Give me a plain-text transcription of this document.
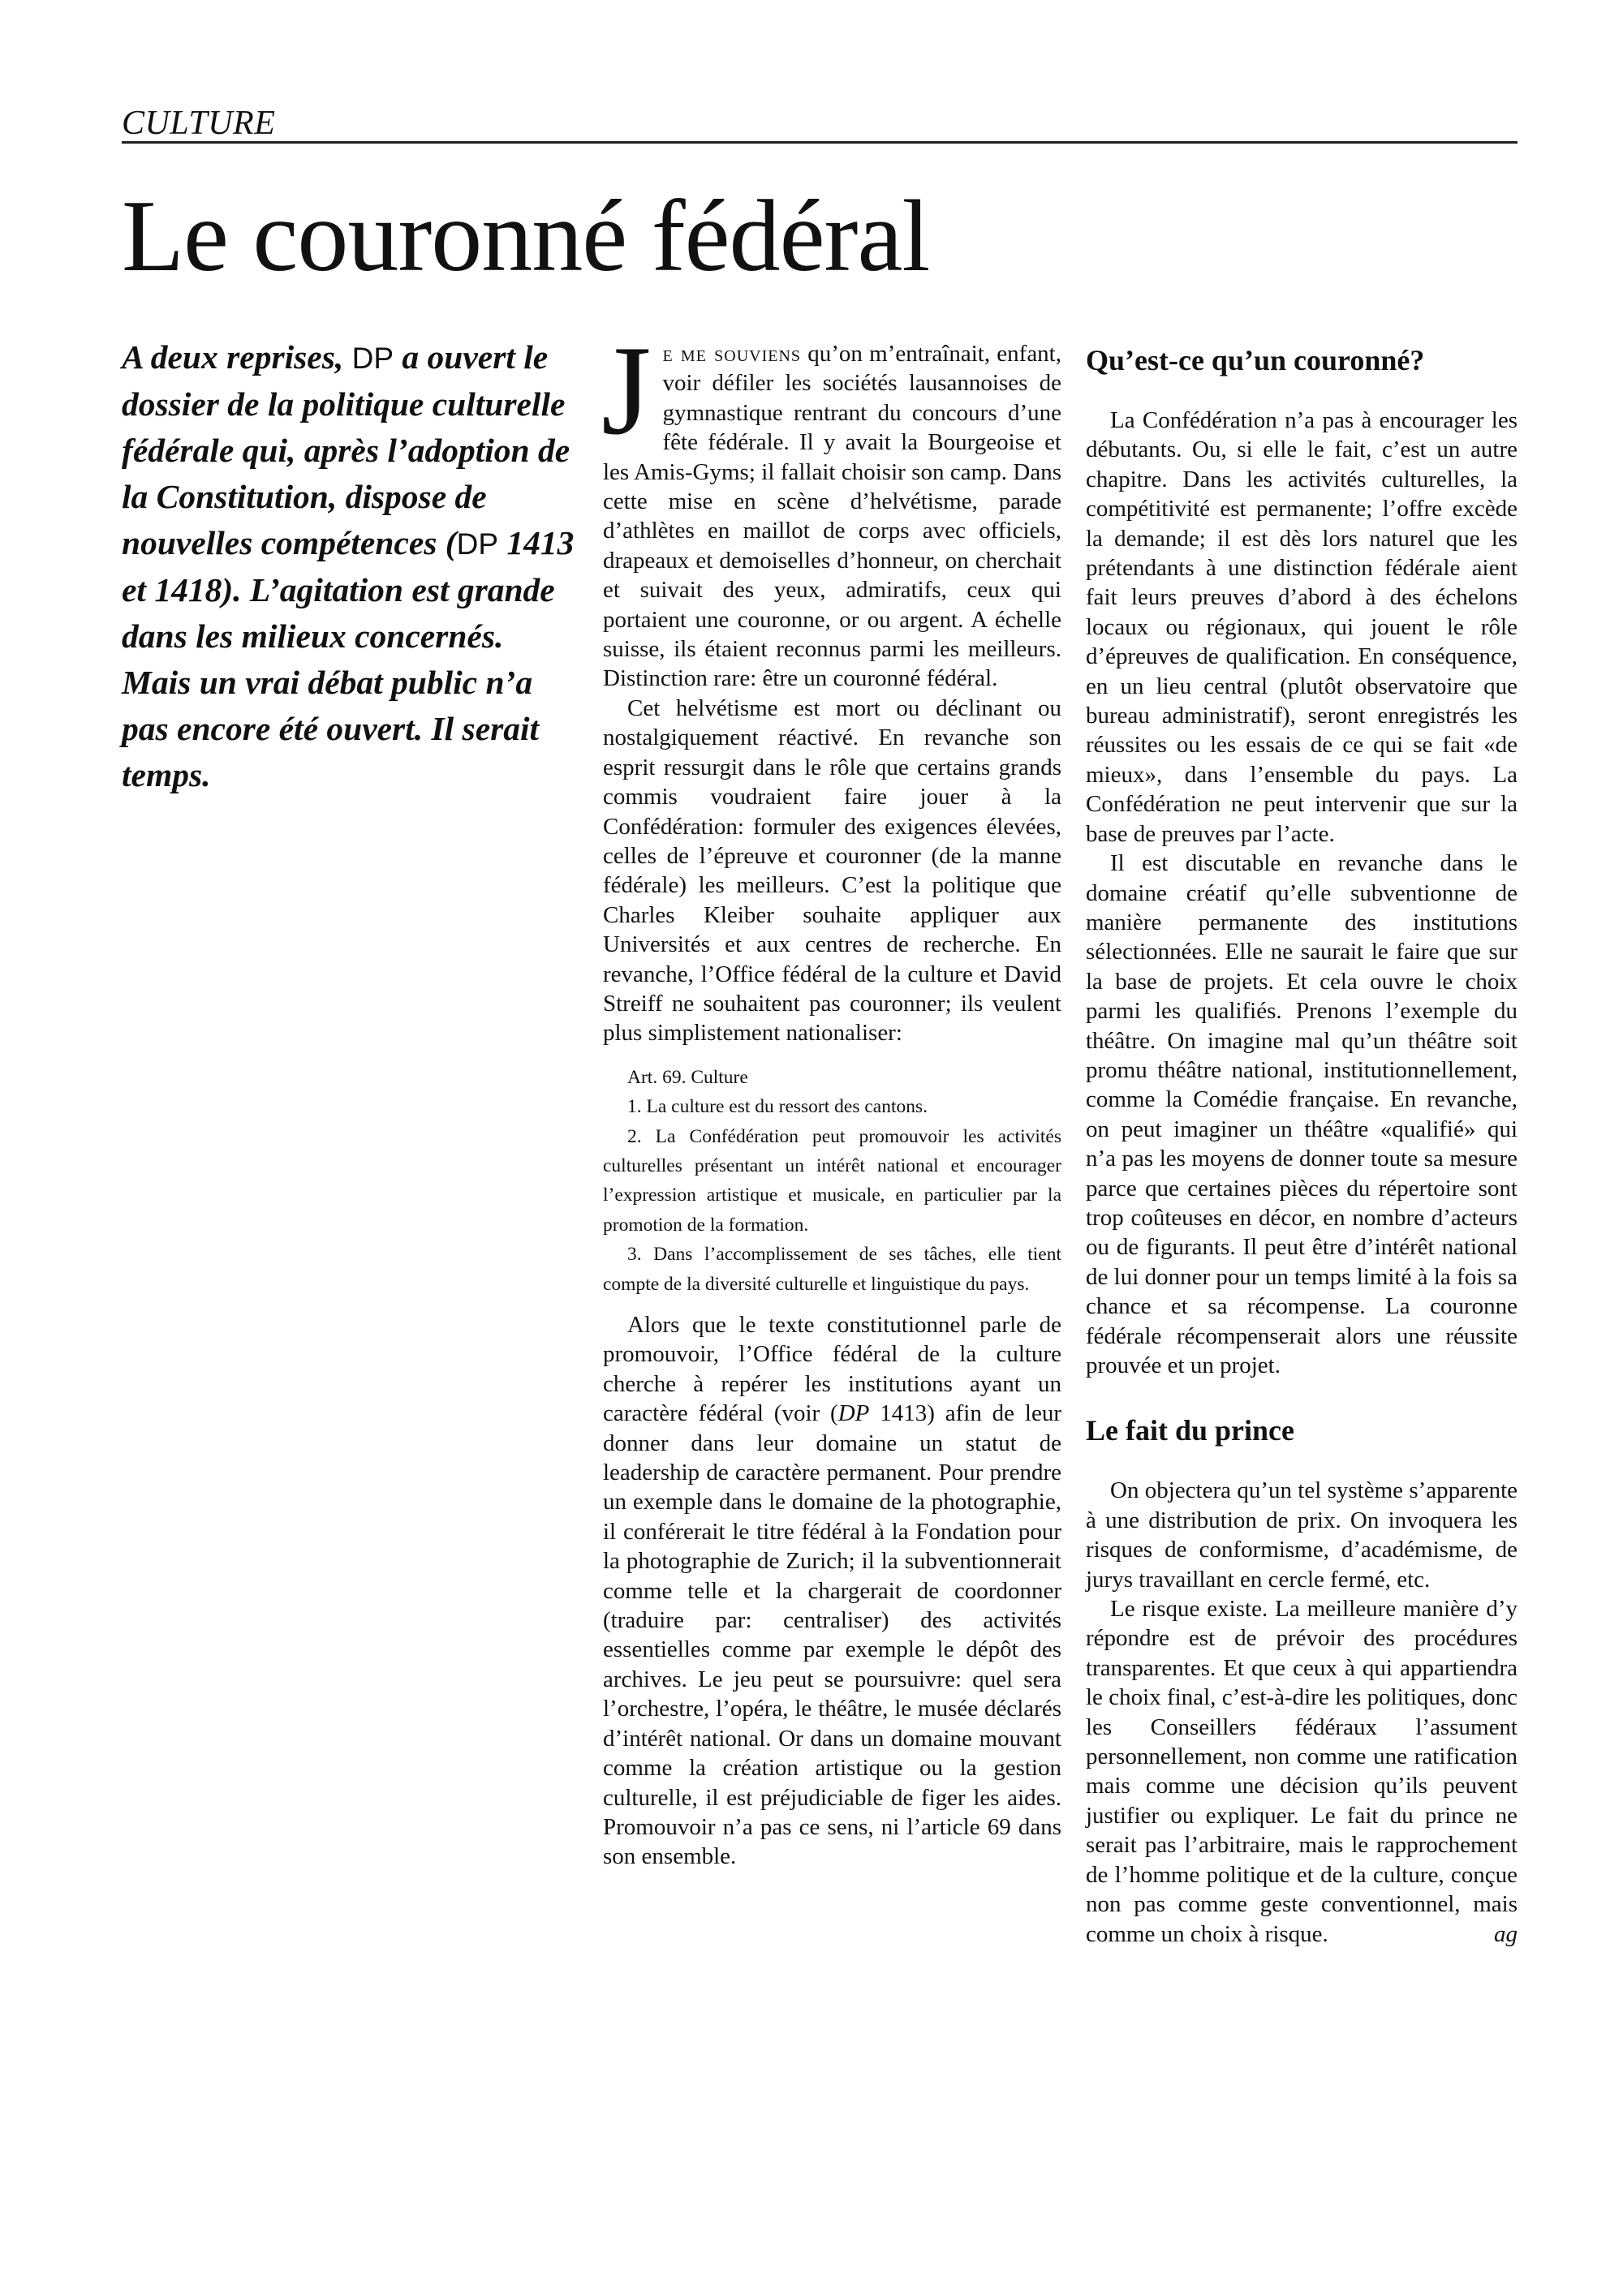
CULTURE
Le couronné fédéral

A deux reprises, DP a ouvert le dossier de la politique culturelle fédérale qui, après l’adoption de la Constitution, dispose de nouvelles compétences (DP 1413 et 1418). L’agitation est grande dans les milieux concernés. Mais un vrai débat public n’a pas encore été ouvert. Il serait temps.

Je me souviens qu’on m’entraînait, enfant, voir défiler les sociétés lausannoises de gymnastique rentrant du concours d’une fête fédérale. Il y avait la Bourgeoise et les Amis-Gyms; il fallait choisir son camp. Dans cette mise en scène d’helvétisme, parade d’athlètes en maillot de corps avec officiels, drapeaux et demoiselles d’honneur, on cherchait et suivait des yeux, admiratifs, ceux qui portaient une couronne, or ou argent. A échelle suisse, ils étaient reconnus parmi les meilleurs. Distinction rare: être un couronné fédéral.

Cet helvétisme est mort ou déclinant ou nostalgiquement réactivé. En revanche son esprit ressurgit dans le rôle que certains grands commis voudraient faire jouer à la Confédération: formuler des exigences élevées, celles de l’épreuve et couronner (de la manne fédérale) les meilleurs. C’est la politique que Charles Kleiber souhaite appliquer aux Universités et aux centres de recherche. En revanche, l’Office fédéral de la culture et David Streiff ne souhaitent pas couronner; ils veulent plus simplistement nationaliser:

Art. 69. Culture

1. La culture est du ressort des cantons.

2. La Confédération peut promouvoir les activités culturelles présentant un intérêt national et encourager l’expression artistique et musicale, en particulier par la promotion de la formation.

3. Dans l’accomplissement de ses tâches, elle tient compte de la diversité culturelle et linguistique du pays.

Alors que le texte constitutionnel parle de promouvoir, l’Office fédéral de la culture cherche à repérer les institutions ayant un caractère fédéral (voir (DP 1413) afin de leur donner dans leur domaine un statut de leadership de caractère permanent. Pour prendre un exemple dans le domaine de la photographie, il conférerait le titre fédéral à la Fondation pour la photographie de Zurich; il la subventionnerait comme telle et la chargerait de coordonner (traduire par: centraliser) des activités essentielles comme par exemple le dépôt des archives. Le jeu peut se poursuivre: quel sera l’orchestre, l’opéra, le théâtre, le musée déclarés d’intérêt national. Or dans un domaine mouvant comme la création artistique ou la gestion culturelle, il est préjudiciable de figer les aides. Promouvoir n’a pas ce sens, ni l’article 69 dans son ensemble.

Qu’est-ce qu’un couronné?

La Confédération n’a pas à encourager les débutants. Ou, si elle le fait, c’est un autre chapitre. Dans les activités culturelles, la compétitivité est permanente; l’offre excède la demande; il est dès lors naturel que les prétendants à une distinction fédérale aient fait leurs preuves d’abord à des échelons locaux ou régionaux, qui jouent le rôle d’épreuves de qualification. En conséquence, en un lieu central (plutôt observatoire que bureau administratif), seront enregistrés les réussites ou les essais de ce qui se fait «de mieux», dans l’ensemble du pays. La Confédération ne peut intervenir que sur la base de preuves par l’acte.

Il est discutable en revanche dans le domaine créatif qu’elle subventionne de manière permanente des institutions sélectionnées. Elle ne saurait le faire que sur la base de projets. Et cela ouvre le choix parmi les qualifiés. Prenons l’exemple du théâtre. On imagine mal qu’un théâtre soit promu théâtre national, institutionnellement, comme la Comédie française. En revanche, on peut imaginer un théâtre «qualifié» qui n’a pas les moyens de donner toute sa mesure parce que certaines pièces du répertoire sont trop coûteuses en décor, en nombre d’acteurs ou de figurants. Il peut être d’intérêt national de lui donner pour un temps limité à la fois sa chance et sa récompense. La couronne fédérale récompenserait alors une réussite prouvée et un projet.

Le fait du prince

On objectera qu’un tel système s’apparente à une distribution de prix. On invoquera les risques de conformisme, d’académisme, de jurys travaillant en cercle fermé, etc.

Le risque existe. La meilleure manière d’y répondre est de prévoir des procédures transparentes. Et que ceux à qui appartiendra le choix final, c’est-à-dire les politiques, donc les Conseillers fédéraux l’assument personnellement, non comme une ratification mais comme une décision qu’ils peuvent justifier ou expliquer. Le fait du prince ne serait pas l’arbitraire, mais le rapprochement de l’homme politique et de la culture, conçue non pas comme geste conventionnel, mais comme un choix à risque.	ag
